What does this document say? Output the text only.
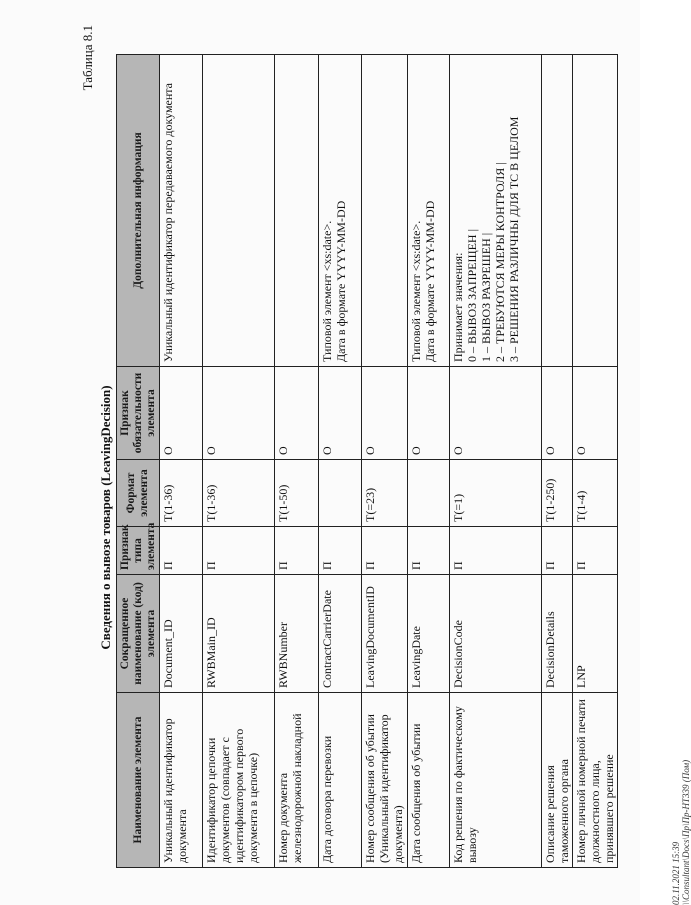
Таблица 8.1
Сведения о вывозе товаров (LeavingDecision)
Наименование элемента	Сокращенное наименование (код) элемента	Признак типа элемента	Формат элемента	Признак обязательности элемента	Дополнительная информация
Уникальный идентификатор документа	Document_ID	П	T(1-36)	O	Уникальный идентификатор передаваемого документа
Идентификатор цепочки документов (совпадает с идентификатором первого документа в цепочке)	RWBMain_ID	П	T(1-36)	O	
Номер документа железнодорожной накладной	RWBNumber	П	T(1-50)	O	
Дата договора перевозки	ContractCarrierDate	П		O	Типовой элемент <xs:date>.
Дата в формате YYYY-MM-DD
Номер сообщения об убытии (Уникальный идентификатор документа)	LeavingDocumentID	П	T(=23)	O	
Дата сообщения об убытии	LeavingDate	П		O	Типовой элемент <xs:date>.
Дата в формате YYYY-MM-DD
Код решения по фактическому вывозу	DecisionCode	П	T(=1)	O	Принимает значения:
0 – ВЫВОЗ ЗАПРЕЩЕН |
1 – ВЫВОЗ РАЗРЕШЕН |
2 – ТРЕБУЮТСЯ МЕРЫ КОНТРОЛЯ |
3 – РЕШЕНИЯ РАЗЛИЧНЫ ДЛЯ ТС В ЦЕЛОМ
Описание решения таможенного органа	DecisionDetails	П	T(1-250)	O	
Номер личной номерной печати должностного лица, принявшего решение	LNP	П	T(1-4)	O	
02.11.2021 15:39 \\Consultant\Docs\Пр\Пр-НТ339 (Пом)
